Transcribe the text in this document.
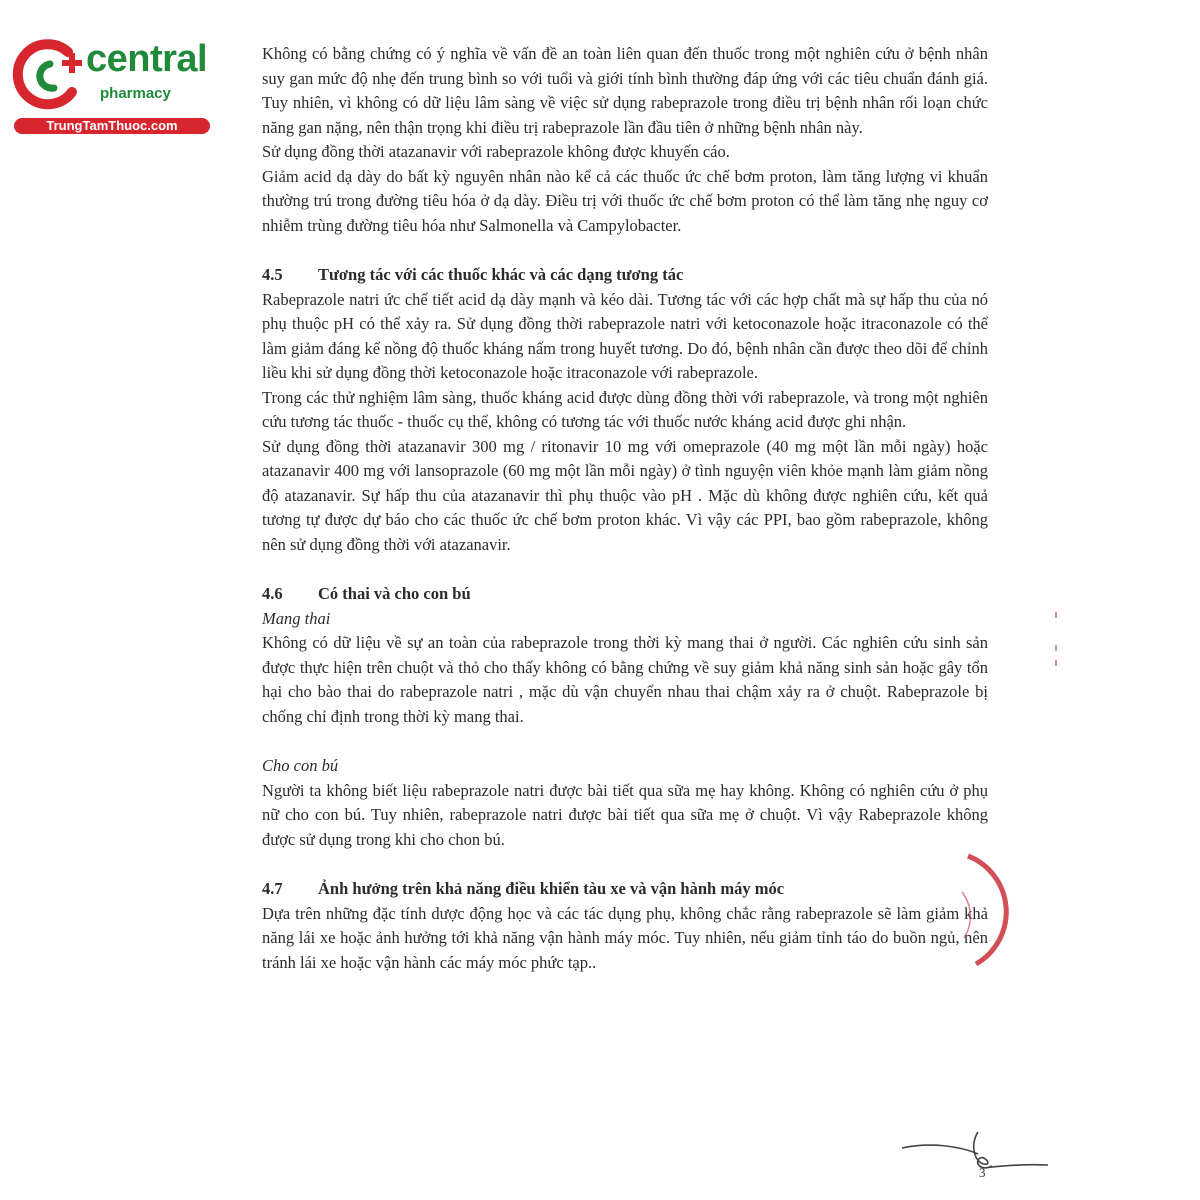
central
pharmacy
TrungTamThuoc.com

Không có bằng chứng có ý nghĩa về vấn đề an toàn liên quan đến thuốc trong một nghiên cứu ở bệnh nhân suy gan mức độ nhẹ đến trung bình so với tuổi và giới tính bình thường đáp ứng với các tiêu chuẩn đánh giá. Tuy nhiên, vì không có dữ liệu lâm sàng về việc sử dụng rabeprazole trong điều trị bệnh nhân rối loạn chức năng gan nặng, nên thận trọng khi điều trị rabeprazole lần đầu tiên ở những bệnh nhân này.

Sử dụng đồng thời atazanavir với rabeprazole không được khuyến cáo.

Giảm acid dạ dày do bất kỳ nguyên nhân nào kể cả các thuốc ức chế bơm proton, làm tăng lượng vi khuẩn thường trú trong đường tiêu hóa ở dạ dày. Điều trị với thuốc ức chế bơm proton có thể làm tăng nhẹ nguy cơ nhiễm trùng đường tiêu hóa như Salmonella và Campylobacter.

4.5 Tương tác với các thuốc khác và các dạng tương tác

Rabeprazole natri ức chế tiết acid dạ dày mạnh và kéo dài. Tương tác với các hợp chất mà sự hấp thu của nó phụ thuộc pH có thể xảy ra. Sử dụng đồng thời rabeprazole natri với ketoconazole hoặc itraconazole có thể làm giảm đáng kể nồng độ thuốc kháng nấm trong huyết tương. Do đó, bệnh nhân cần được theo dõi để chỉnh liều khi sử dụng đồng thời ketoconazole hoặc itraconazole với rabeprazole.

Trong các thử nghiệm lâm sàng, thuốc kháng acid được dùng đồng thời với rabeprazole, và trong một nghiên cứu tương tác thuốc - thuốc cụ thể, không có tương tác với thuốc nước kháng acid được ghi nhận.

Sử dụng đồng thời atazanavir 300 mg / ritonavir 10 mg với omeprazole (40 mg một lần mỗi ngày) hoặc atazanavir 400 mg với lansoprazole (60 mg một lần mỗi ngày) ở tình nguyện viên khỏe mạnh làm giảm nồng độ atazanavir. Sự hấp thu của atazanavir thì phụ thuộc vào pH . Mặc dù không được nghiên cứu, kết quả tương tự được dự báo cho các thuốc ức chế bơm proton khác. Vì vậy các PPI, bao gồm rabeprazole, không nên sử dụng đồng thời với atazanavir.

4.6 Có thai và cho con bú
Mang thai

Không có dữ liệu về sự an toàn của rabeprazole trong thời kỳ mang thai ở người. Các nghiên cứu sinh sản được thực hiện trên chuột và thỏ cho thấy không có bằng chứng về suy giảm khả năng sinh sản hoặc gây tổn hại cho bào thai do rabeprazole natri , mặc dù vận chuyển nhau thai chậm xảy ra ở chuột. Rabeprazole bị chống chỉ định trong thời kỳ mang thai.

Cho con bú

Người ta không biết liệu rabeprazole natri được bài tiết qua sữa mẹ hay không. Không có nghiên cứu ở phụ nữ cho con bú. Tuy nhiên, rabeprazole natri được bài tiết qua sữa mẹ ở chuột. Vì vậy Rabeprazole không được sử dụng trong khi cho chon bú.

4.7 Ảnh hưởng trên khả năng điều khiển tàu xe và vận hành máy móc

Dựa trên những đặc tính dược động học và các tác dụng phụ, không chắc rằng rabeprazole sẽ làm giảm khả năng lái xe hoặc ảnh hưởng tới khả năng vận hành máy móc. Tuy nhiên, nếu giảm tỉnh táo do buồn ngủ, nên tránh lái xe hoặc vận hành các máy móc phức tạp..

3
